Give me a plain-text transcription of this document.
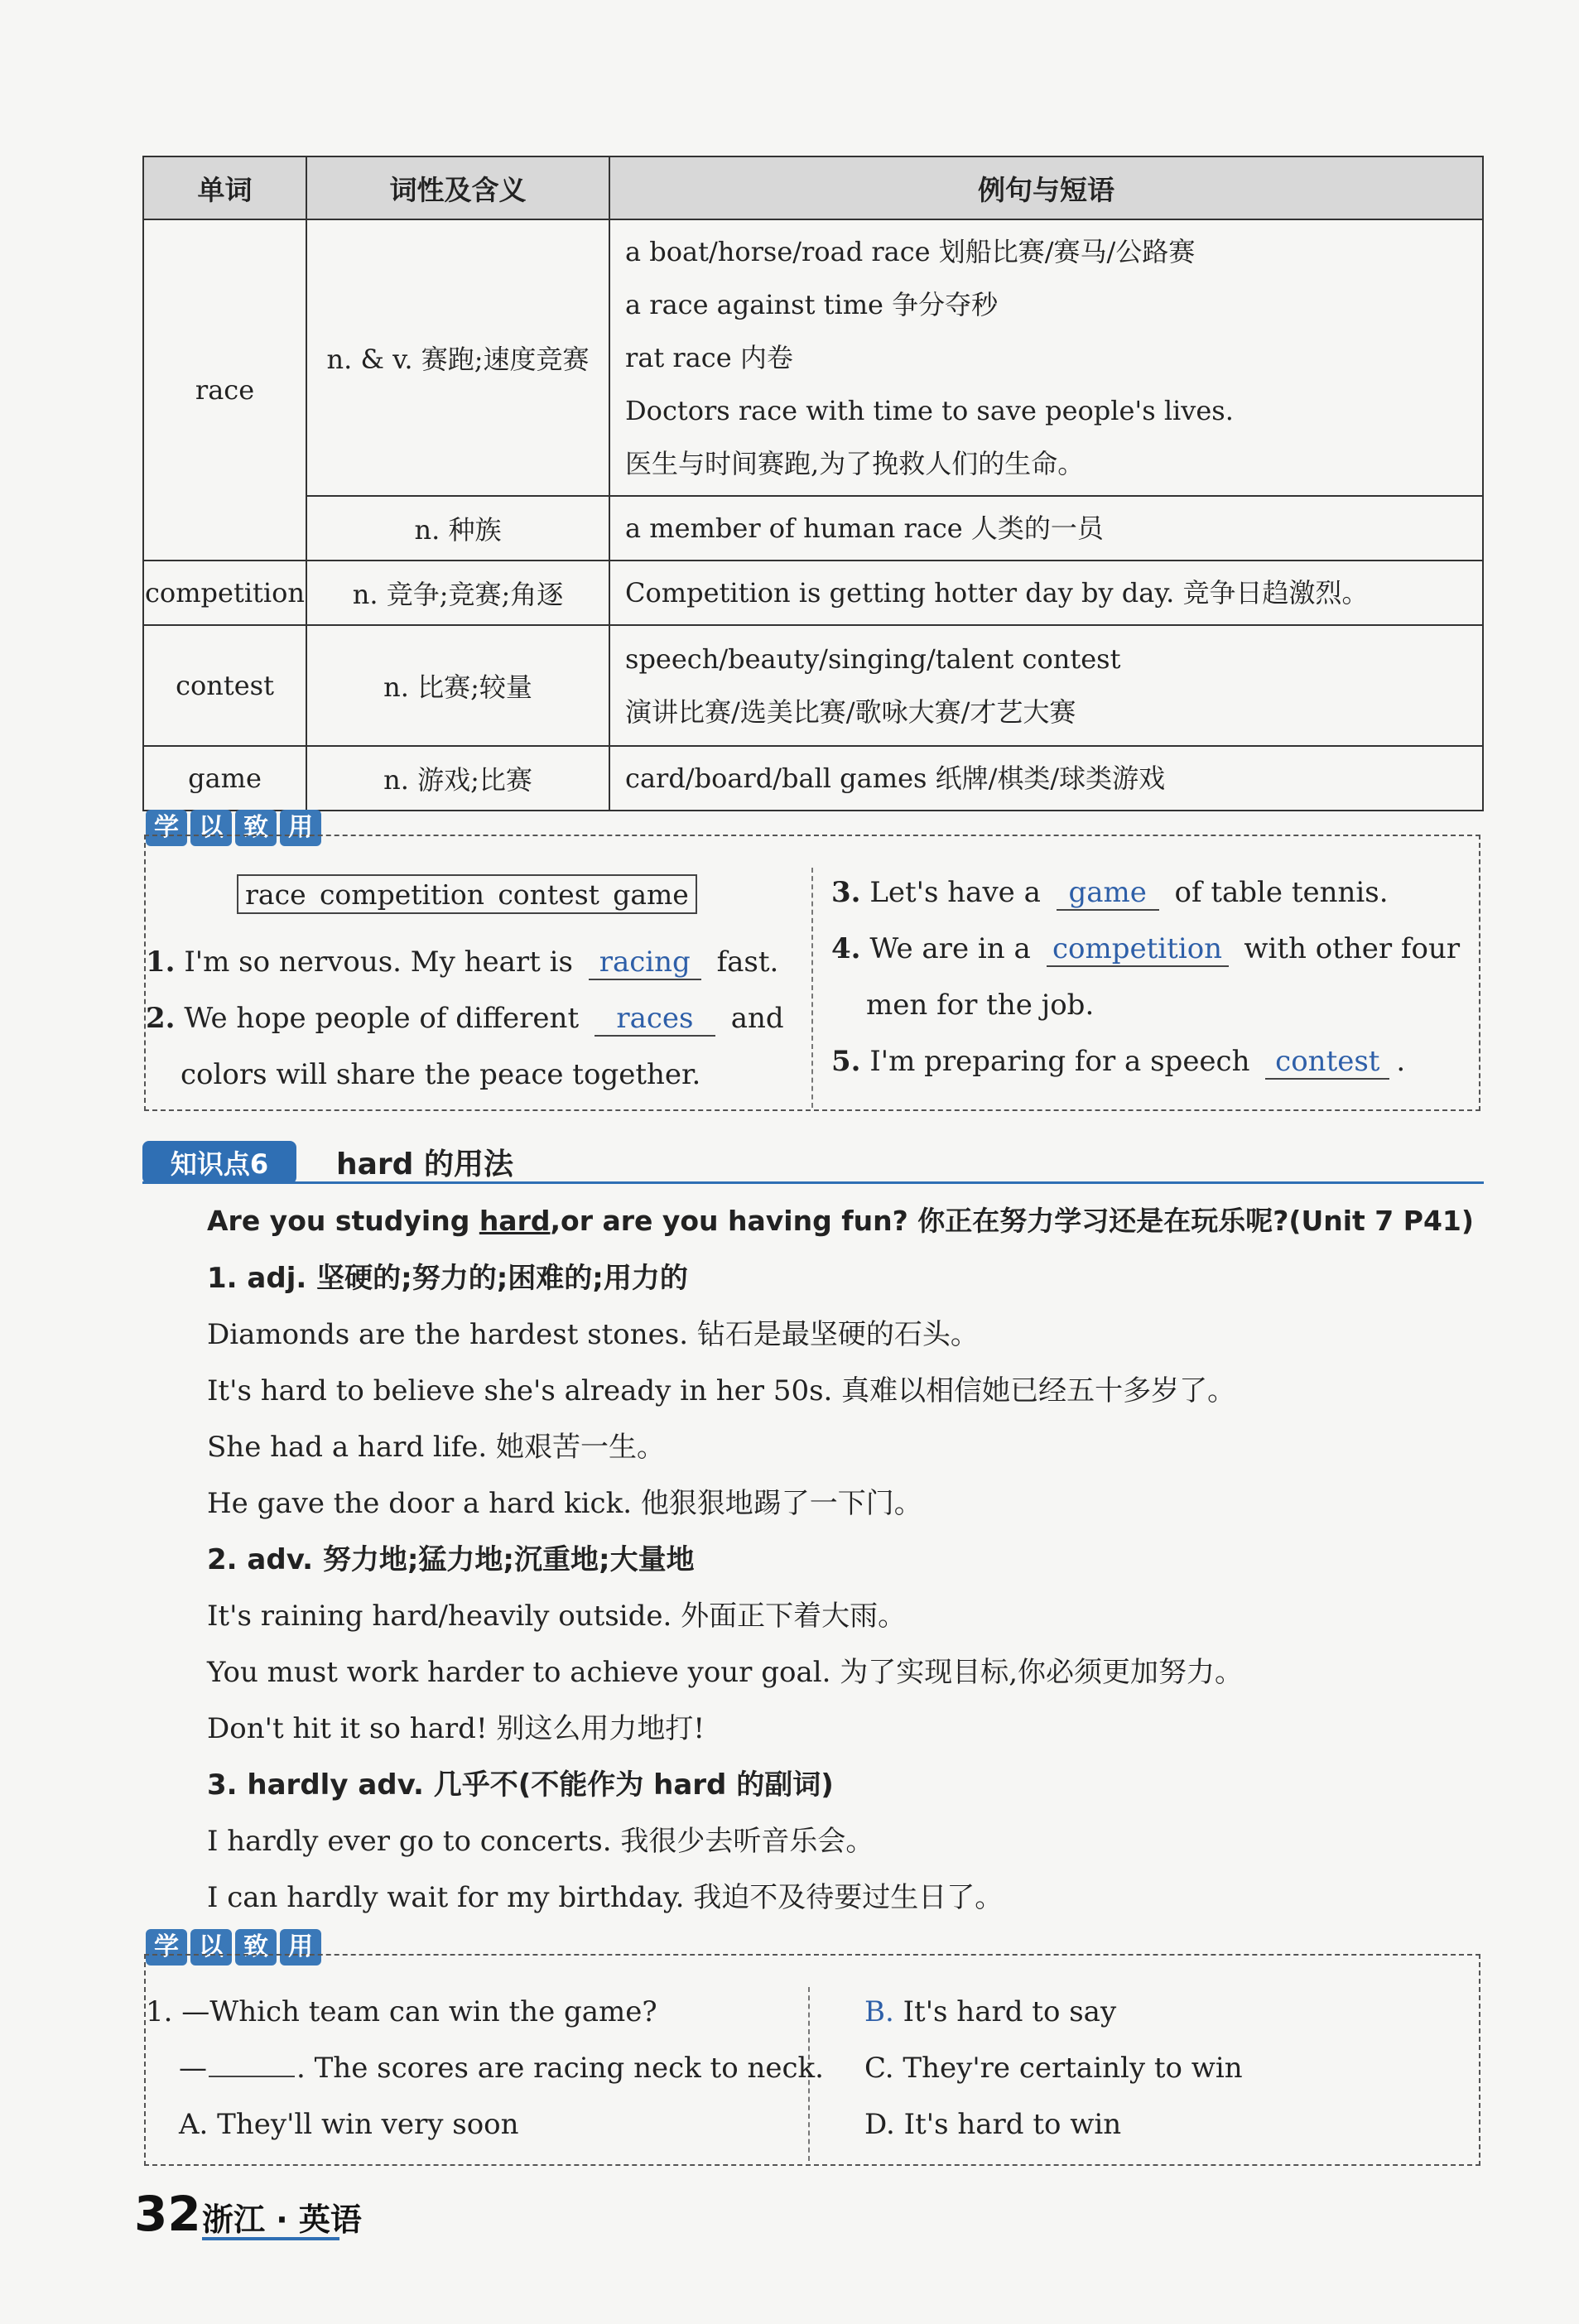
单词	词性及含义	例句与短语
race	n. & v. 赛跑;速度竞赛	a boat/horse/road race 划船比赛/赛马/公路赛
a race against time 争分夺秒
rat race 内卷
Doctors race with time to save people's lives.
医生与时间赛跑,为了挽救人们的生命。

	n. 种族	a member of human race 人类的一员
competition	n. 竞争;竞赛;角逐	Competition is getting hotter day by day. 竞争日趋激烈。
contest	n. 比赛;较量	speech/beauty/singing/talent contest
演讲比赛/选美比赛/歌咏大赛/才艺大赛

game	n. 游戏;比赛	card/board/ball games 纸牌/棋类/球类游戏
学 以 致 用
race competition contest game
1. I'm so nervous. My heart is racing fast.
2. We hope people of different races and
colors will share the peace together.
3. Let's have a game of table tennis.
4. We are in a competition with other four
men for the job.
5. I'm preparing for a speech contest .
知识点6	hard 的用法
Are you studying hard,or are you having fun? 你正在努力学习还是在玩乐呢?(Unit 7 P41)
1. adj. 坚硬的;努力的;困难的;用力的
Diamonds are the hardest stones. 钻石是最坚硬的石头。
It's hard to believe she's already in her 50s. 真难以相信她已经五十多岁了。
She had a hard life. 她艰苦一生。
He gave the door a hard kick. 他狠狠地踢了一下门。
2. adv. 努力地;猛力地;沉重地;大量地
It's raining hard/heavily outside. 外面正下着大雨。
You must work harder to achieve your goal. 为了实现目标,你必须更加努力。
Don't hit it so hard! 别这么用力地打!
3. hardly adv. 几乎不(不能作为 hard 的副词)
I hardly ever go to concerts. 我很少去听音乐会。
I can hardly wait for my birthday. 我迫不及待要过生日了。
学 以 致 用
1. —Which team can win the game?
—	. The scores are racing neck to neck.
A. They'll win very soon
B. It's hard to say
C. They're certainly to win
D. It's hard to win
32 浙江 · 英语
